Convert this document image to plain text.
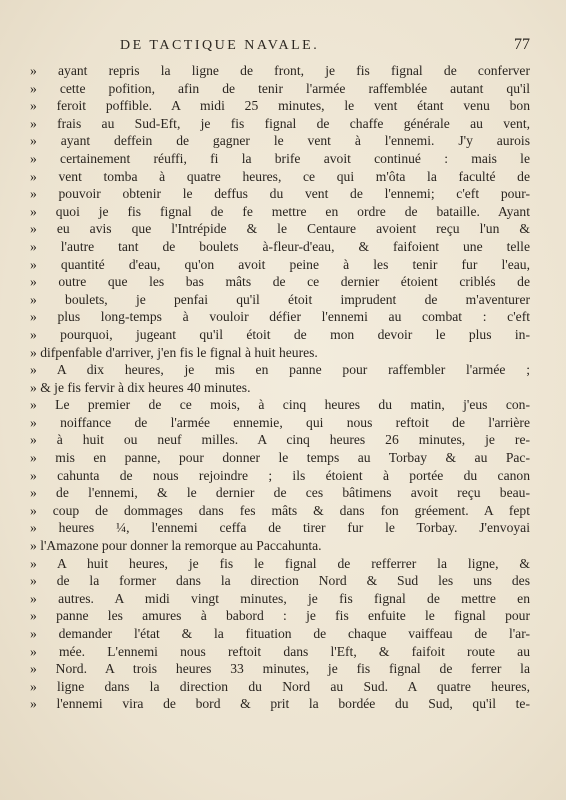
DE TACTIQUE NAVALE.	77
» ayant repris la ligne de front, je fis fignal de conferver
» cette pofition, afin de tenir l'armée raffemblée autant qu'il
» feroit poffible. A midi 25 minutes, le vent étant venu bon
» frais au Sud-Eft, je fis fignal de chaffe générale au vent,
» ayant deffein de gagner le vent à l'ennemi. J'y aurois
» certainement réuffi, fi la brife avoit continué : mais le
» vent tomba à quatre heures, ce qui m'ôta la faculté de
» pouvoir obtenir le deffus du vent de l'ennemi; c'eft pour-
» quoi je fis fignal de fe mettre en ordre de bataille. Ayant
» eu avis que l'Intrépide & le Centaure avoient reçu l'un &
» l'autre tant de boulets à-fleur-d'eau, & faifoient une telle
» quantité d'eau, qu'on avoit peine à les tenir fur l'eau,
» outre que les bas mâts de ce dernier étoient criblés de
» boulets, je penfai qu'il étoit imprudent de m'aventurer
» plus long-temps à vouloir défier l'ennemi au combat : c'eft
» pourquoi, jugeant qu'il étoit de mon devoir le plus in-
» difpenfable d'arriver, j'en fis le fignal à huit heures.
» A dix heures, je mis en panne pour raffembler l'armée ;
» & je fis fervir à dix heures 40 minutes.
» Le premier de ce mois, à cinq heures du matin, j'eus con-
» noiffance de l'armée ennemie, qui nous reftoit de l'arrière
» à huit ou neuf milles. A cinq heures 26 minutes, je re-
» mis en panne, pour donner le temps au Torbay & au Pac-
» cahunta de nous rejoindre ; ils étoient à portée du canon
» de l'ennemi, & le dernier de ces bâtimens avoit reçu beau-
» coup de dommages dans fes mâts & dans fon gréement. A fept
» heures ¼, l'ennemi ceffa de tirer fur le Torbay. J'envoyai
» l'Amazone pour donner la remorque au Paccahunta.
» A huit heures, je fis le fignal de refferrer la ligne, &
» de la former dans la direction Nord & Sud les uns des
» autres. A midi vingt minutes, je fis fignal de mettre en
» panne les amures à babord : je fis enfuite le fignal pour
» demander l'état & la fituation de chaque vaiffeau de l'ar-
» mée. L'ennemi nous reftoit dans l'Eft, & faifoit route au
» Nord. A trois heures 33 minutes, je fis fignal de ferrer la
» ligne dans la direction du Nord au Sud. A quatre heures,
» l'ennemi vira de bord & prit la bordée du Sud, qu'il te-
